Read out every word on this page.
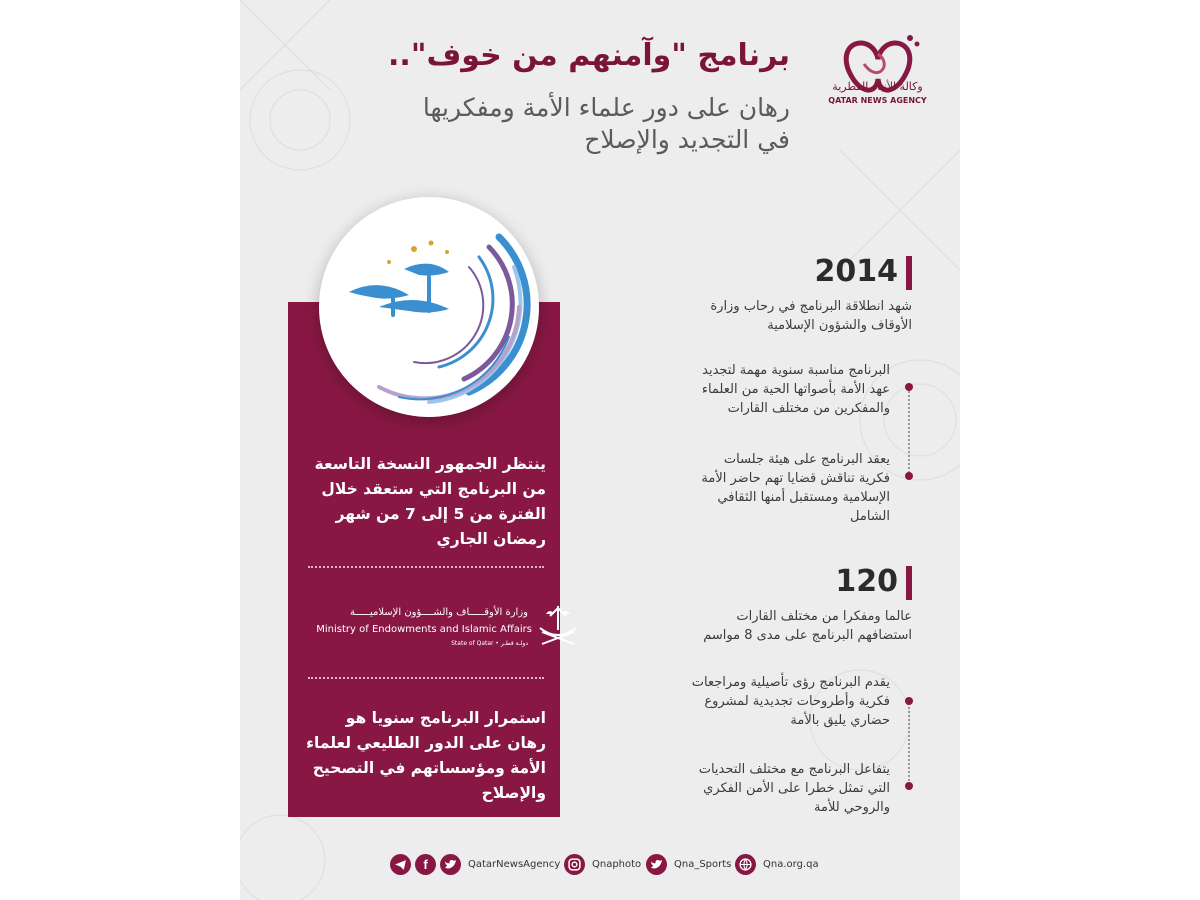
وكالة الأنباء القطرية
QATAR NEWS AGENCY
برنامج "وآمنهم من خوف"..
رهان على دور علماء الأمة ومفكريها
في التجديد والإصلاح
ينتظر الجمهور النسخة التاسعة من البرنامج التي ستعقد خلال الفترة من 5 إلى 7 من شهر رمضان الجاري
وزارة الأوقـــــاف والشــــؤون الإسلاميـــــة
Ministry of Endowments and Islamic Affairs
State of Qatar • دولـة قطـر
استمرار البرنامج سنويا هو رهان على الدور الطليعي لعلماء الأمة ومؤسساتهم في التصحيح والإصلاح
2014
شهد انطلاقة البرنامج في رحاب وزارة الأوقاف والشؤون الإسلامية
البرنامج مناسبة سنوية مهمة لتجديد عهد الأمة بأصواتها الحية من العلماء والمفكرين من مختلف القارات
يعقد البرنامج على هيئة جلسات فكرية تناقش قضايا تهم حاضر الأمة الإسلامية ومستقبل أمنها الثقافي الشامل
120
عالما ومفكرا من مختلف القارات استضافهم البرنامج على مدى 8 مواسم
يقدم البرنامج رؤى تأصيلية ومراجعات فكرية وأطروحات تجديدية لمشروع حضاري يليق بالأمة
يتفاعل البرنامج مع مختلف التحديات التي تمثل خطرا على الأمن الفكري والروحي للأمة
f	QatarNewsAgency	Qnaphoto	Qna_Sports	Qna.org.qa
